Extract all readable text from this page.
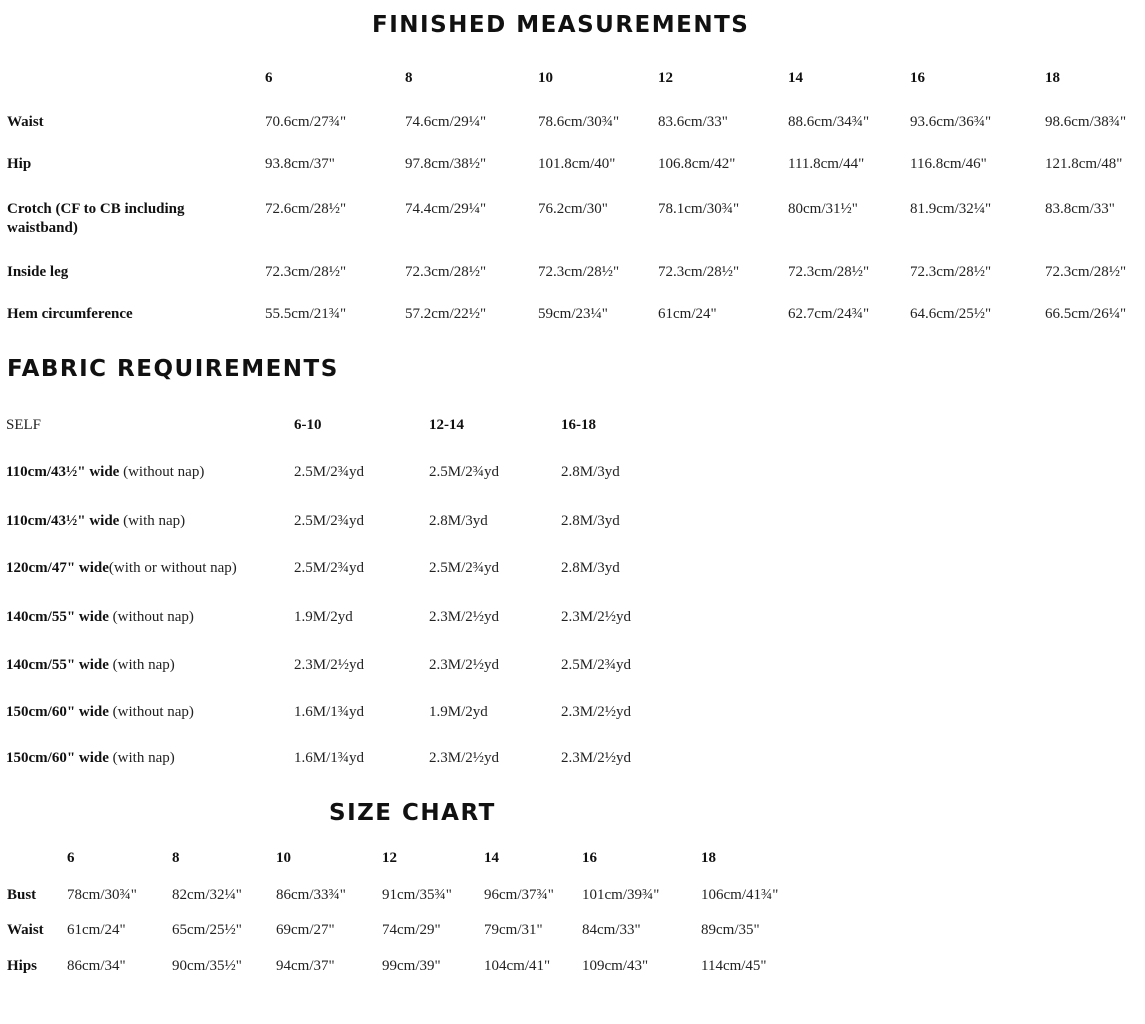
FINISHED MEASUREMENTS
6	8	10	12	14	16	18
Waist	70.6cm/27¾"	74.6cm/29¼"	78.6cm/30¾"	83.6cm/33"	88.6cm/34¾"	93.6cm/36¾"	98.6cm/38¾"
Hip	93.8cm/37"	97.8cm/38½"	101.8cm/40"	106.8cm/42"	111.8cm/44"	116.8cm/46"	121.8cm/48"
Crotch (CF to CB including waistband)
72.6cm/28½"	74.4cm/29¼"	76.2cm/30"	78.1cm/30¾"	80cm/31½"	81.9cm/32¼"	83.8cm/33"
Inside leg	72.3cm/28½"	72.3cm/28½"	72.3cm/28½"	72.3cm/28½"	72.3cm/28½"	72.3cm/28½"	72.3cm/28½"
Hem circumference	55.5cm/21¾"	57.2cm/22½"	59cm/23¼"	61cm/24"	62.7cm/24¾"	64.6cm/25½"	66.5cm/26¼"
FABRIC REQUIREMENTS
SELF	6-10	12-14	16-18
110cm/43½" wide (without nap)	2.5M/2¾yd	2.5M/2¾yd	2.8M/3yd
110cm/43½" wide (with nap)	2.5M/2¾yd	2.8M/3yd	2.8M/3yd
120cm/47" wide(with or without nap)	2.5M/2¾yd	2.5M/2¾yd	2.8M/3yd
140cm/55" wide (without nap)	1.9M/2yd	2.3M/2½yd	2.3M/2½yd
140cm/55" wide (with nap)	2.3M/2½yd	2.3M/2½yd	2.5M/2¾yd
150cm/60" wide (without nap)	1.6M/1¾yd	1.9M/2yd	2.3M/2½yd
150cm/60" wide (with nap)	1.6M/1¾yd	2.3M/2½yd	2.3M/2½yd
SIZE CHART
6	8	10	12	14	16	18
Bust 78cm/30¾" 82cm/32¼" 86cm/33¾" 91cm/35¾" 96cm/37¾" 101cm/39¾"	106cm/41¾"
Waist 61cm/24"	65cm/25½" 69cm/27"	74cm/29"	79cm/31"	84cm/33"	89cm/35"
Hips 86cm/34"	90cm/35½" 94cm/37"	99cm/39"	104cm/41" 109cm/43"	114cm/45"
